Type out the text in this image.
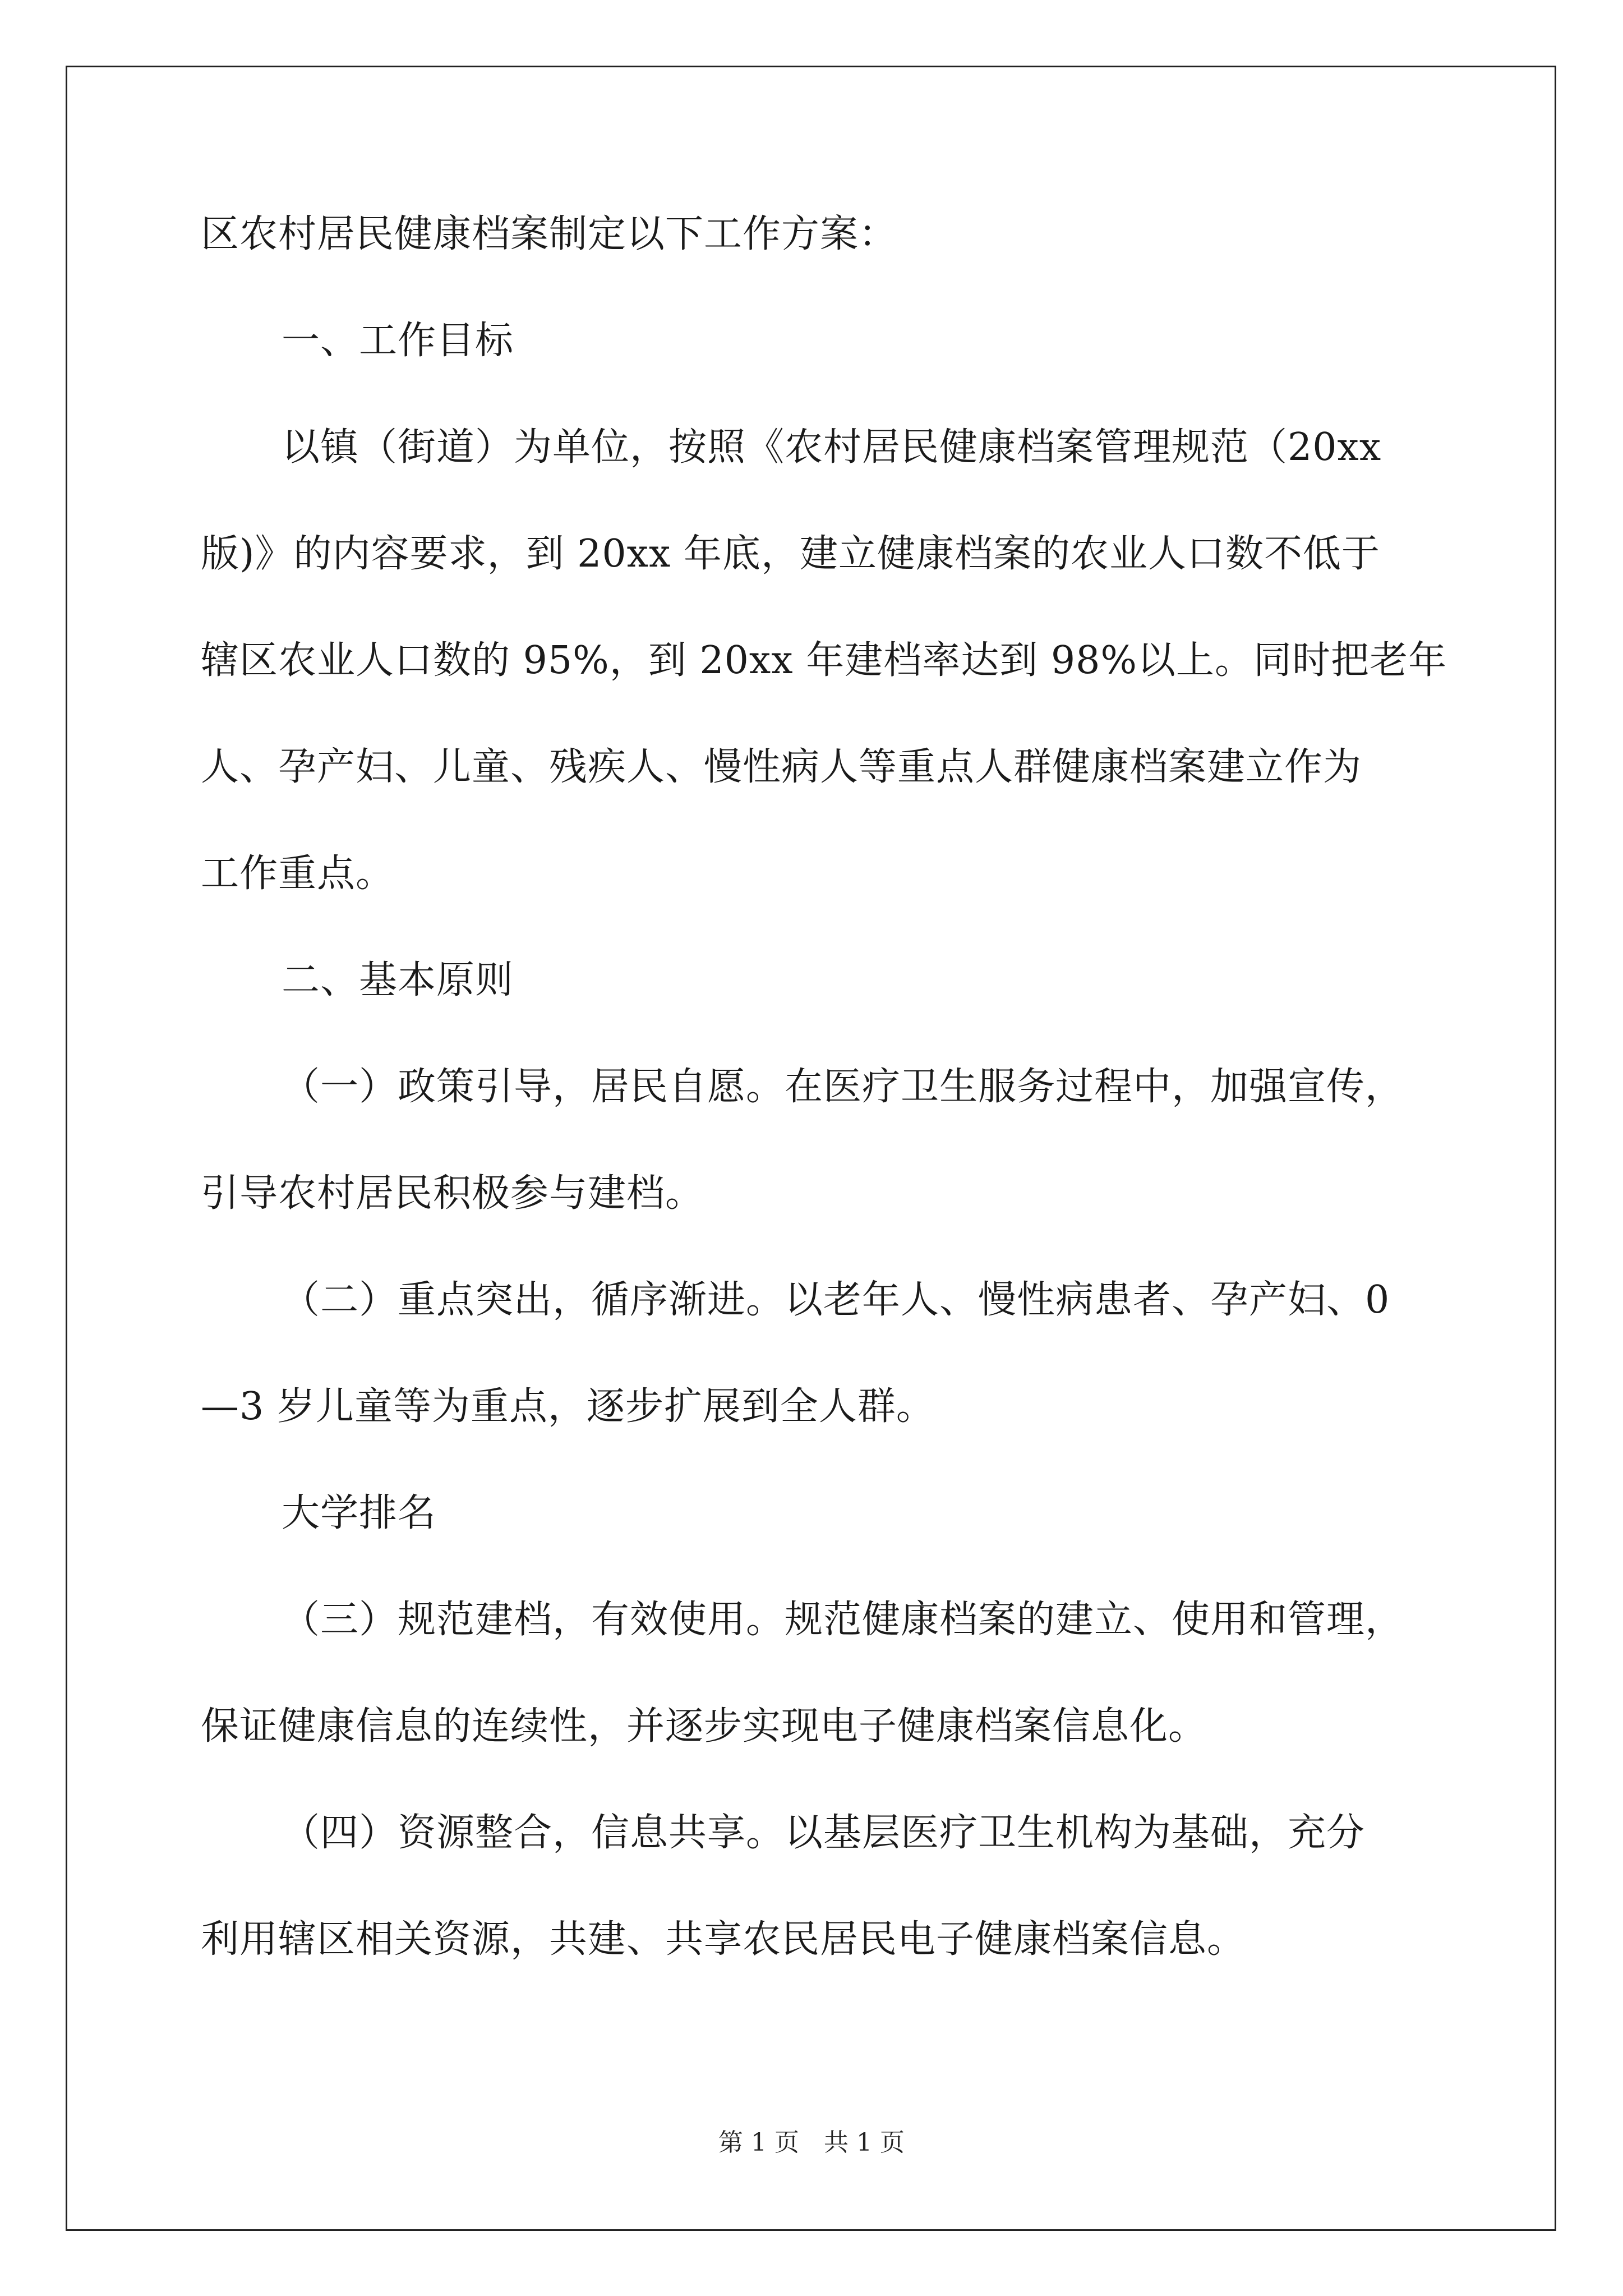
区农村居民健康档案制定以下工作方案：
一、工作目标
以镇（街道）为单位，按照《农村居民健康档案管理规范（20xx
版)》的内容要求，到 20xx 年底，建立健康档案的农业人口数不低于
辖区农业人口数的 95%，到 20xx 年建档率达到 98%以上。同时把老年
人、孕产妇、儿童、残疾人、慢性病人等重点人群健康档案建立作为
工作重点。
二、基本原则
（一）政策引导，居民自愿。在医疗卫生服务过程中，加强宣传，
引导农村居民积极参与建档。
（二）重点突出，循序渐进。以老年人、慢性病患者、孕产妇、0
—3 岁儿童等为重点，逐步扩展到全人群。
大学排名
（三）规范建档，有效使用。规范健康档案的建立、使用和管理，
保证健康信息的连续性，并逐步实现电子健康档案信息化。
（四）资源整合，信息共享。以基层医疗卫生机构为基础，充分
利用辖区相关资源，共建、共享农民居民电子健康档案信息。
第 1 页　共 1 页
